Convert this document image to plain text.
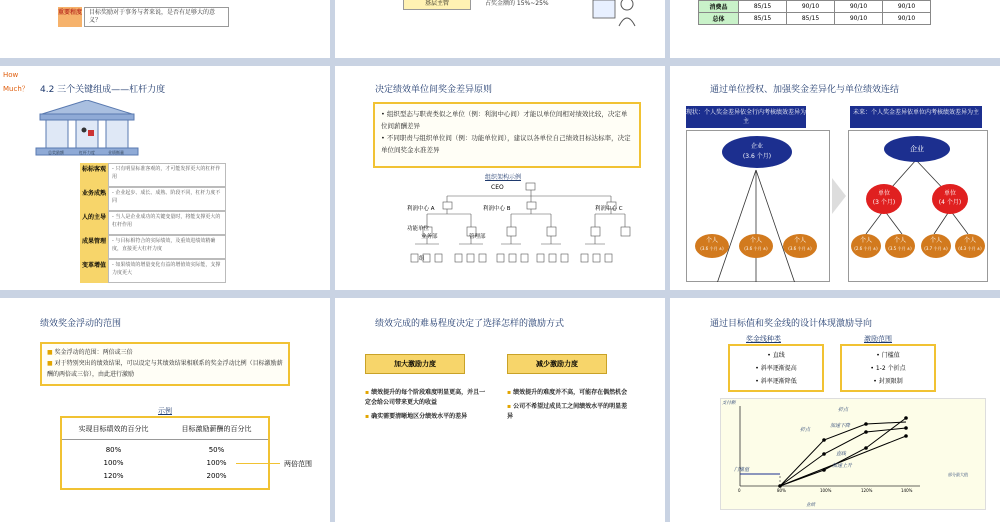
重要程度	目标奖励对于事务与者来说，是否有足够大的意义？
基层主管	占奖金额的 15%~25%
消费品	85/15	90/10	90/10	90/10
总体	85/15	85/15	90/10	90/10
How
Much？ 4.2 三个关键组成——杠杆力度
总奖励额	杠杆力度	业绩衡量
标标客观	- 只有明显标准客观的，才可能发挥更大的杠杆作用
业务成熟	- 企业起步、成长、成熟、阶段不同，杠杆力度不同
人的主导	- 当人是企业成功的关键变量时，将能支撑更大的杠杆作用
成果管理	- 与目标相符合的实际绩效，及重效进绩效精确度，直接更大杠杆力度
变革增值	- 如果绩效的增量变化有益的增值效实际能，支撑力度更大
决定绩效单位间奖金差异原则
• 组织型态与职责类似之单位（例：利润中心间）才能以单位间相对绩效比较，决定单位间薪酬差异
• 不同职责与组织单位间（例：功能单位间），建议以各单位自己绩效目标达标率，决定单位间奖金水准差异
组织架构示例
CEO
利润中心 A	利润中心 B	利润中心 C
功能单位
业务部	管理部
组
通过单位授权、加强奖金差异化与单位绩效连结
现状：个人奖金差异依全行内考核绩效差异为主
未来：个人奖金差异依单位内考核绩效差异为主
企业
(3.6 个月)
个人
(3.6 个月 ±)
个人
(3.6 个月 ±)
个人
(3.6 个月 ±)
企业
单位
(3 个月)
单位
(4 个月)
个人
(2.6 个月 ±)
个人
(3.5 个月 ±)
个人
(3.7 个月 ±)
个人
(4.3 个月 ±)
绩效奖金浮动的范围
■ 奖金浮动的范围：两倍或三倍
■ 对于特别突出的绩效结果，可以设定与其绩效结果相联系的奖金浮动比例（目标激励薪酬的两倍或三倍），由此进行激励
示例
实现目标绩效的百分比	目标激励薪酬的百分比
80%	50%
100%	100%
120%	200%
两倍范围
绩效完成的难易程度决定了选择怎样的激励方式
加大激励力度	减少激励力度
▪ 绩效提升的每个阶段难度明显更高，并且一定会给公司带来更大的收益
▪ 确实需要清晰地区分绩效水平的差异
▪ 绩效提升的难度并不高，可能存在偶然机会
▪ 公司不希望过成员工之间绩效水平的明显差异
通过目标值和奖金线的设计体现激励导向
奖金线种类	激励范围
• 直线
• 斜率逐渐提高
• 斜率逐渐降低
• 门槛值
• 1-2 个折点
• 封顶限制
支付额
业绩
门槛值
折点
折点
直线
加速上升
加速下降
部分最大值
0	80%	100%	120%	140%
